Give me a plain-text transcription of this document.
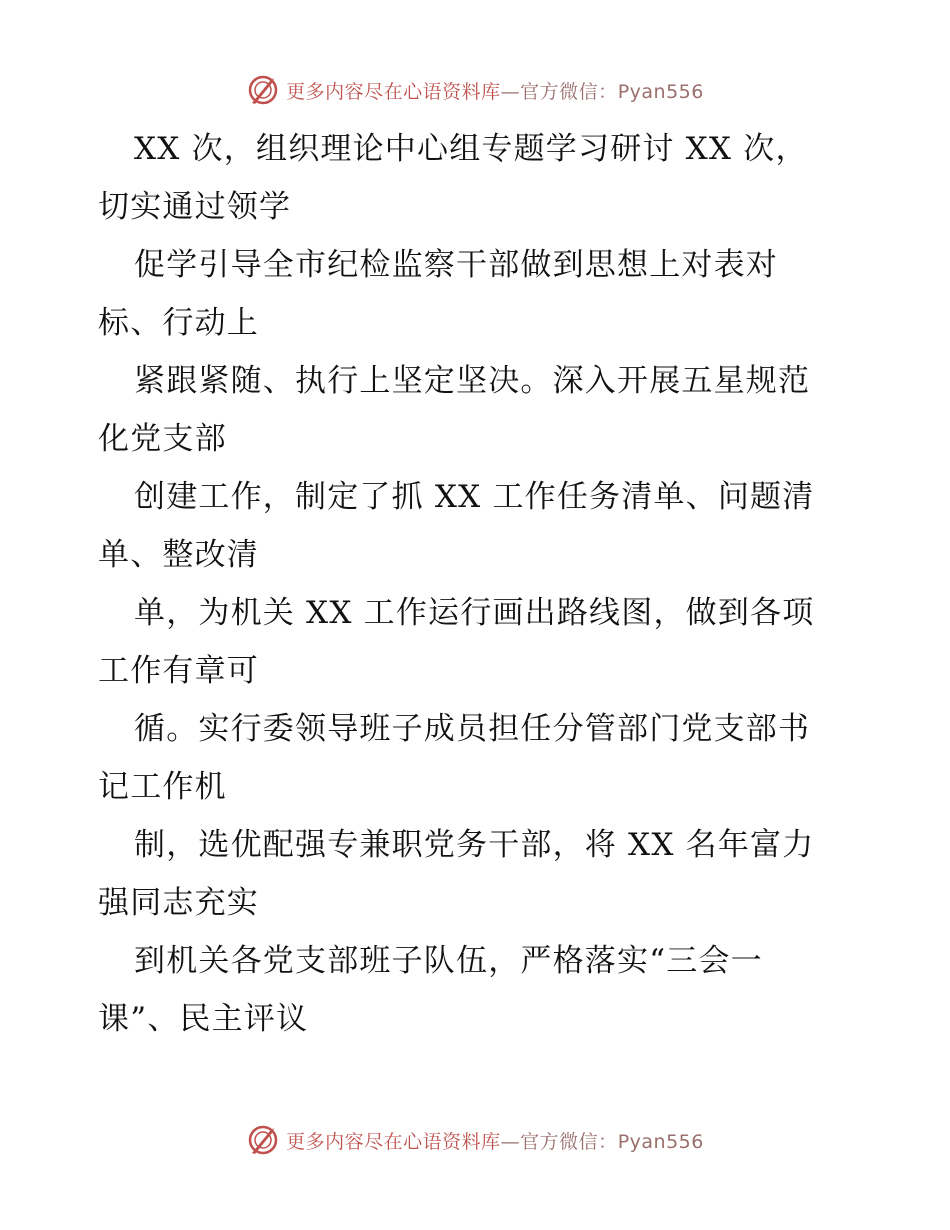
更多内容尽在心语资料库—官方微信：Pyan556
XX 次，组织理论中心组专题学习研讨 XX 次，
切实通过领学
促学引导全市纪检监察干部做到思想上对表对
标、行动上
紧跟紧随、执行上坚定坚决。深入开展五星规范
化党支部
创建工作，制定了抓 XX 工作任务清单、问题清
单、整改清
单，为机关 XX 工作运行画出路线图，做到各项
工作有章可
循。实行委领导班子成员担任分管部门党支部书
记工作机
制，选优配强专兼职党务干部，将 XX 名年富力
强同志充实
到机关各党支部班子队伍，严格落实“三会一
课”、民主评议
更多内容尽在心语资料库—官方微信：Pyan556
